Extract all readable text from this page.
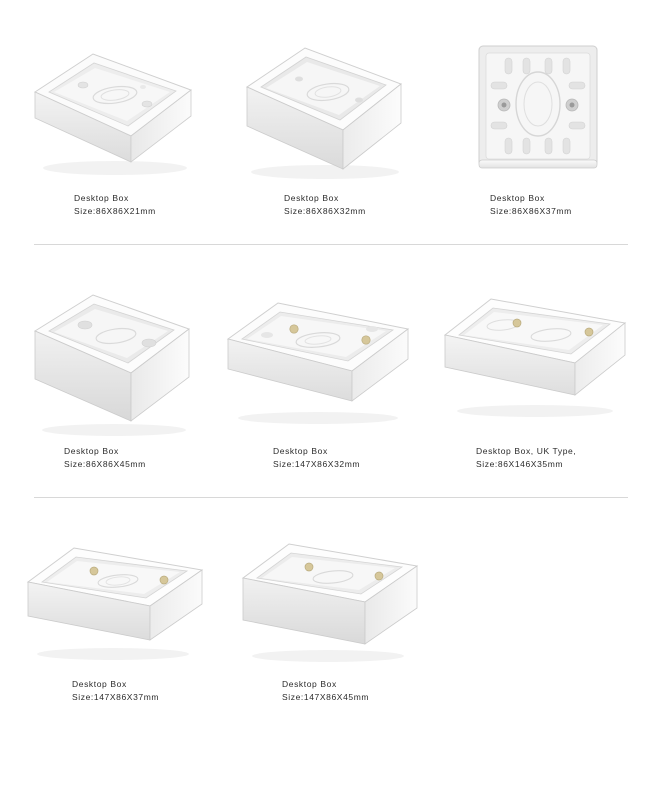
Desktop Box
Size:86X86X21mm
Desktop Box
Size:86X86X32mm
Desktop Box
Size:86X86X37mm
Desktop Box
Size:86X86X45mm
Desktop Box
Size:147X86X32mm
Desktop Box, UK Type,
Size:86X146X35mm
Desktop Box
Size:147X86X37mm
Desktop Box
Size:147X86X45mm
